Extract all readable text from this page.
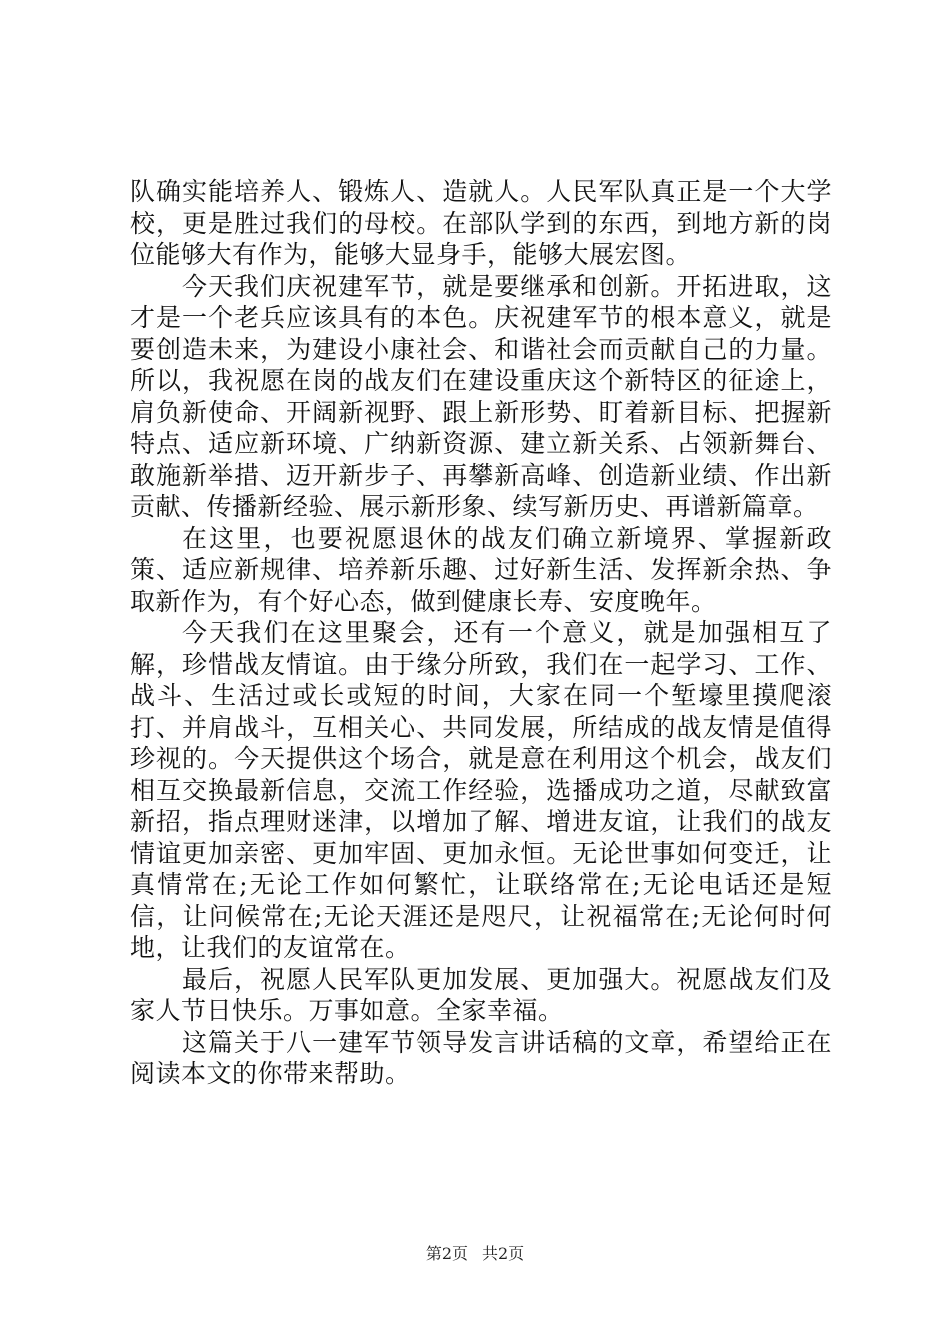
队确实能培养人、锻炼人、造就人。人民军队真正是一个大学校，更是胜过我们的母校。在部队学到的东西，到地方新的岗位能够大有作为，能够大显身手，能够大展宏图。

今天我们庆祝建军节，就是要继承和创新。开拓进取，这才是一个老兵应该具有的本色。庆祝建军节的根本意义，就是要创造未来，为建设小康社会、和谐社会而贡献自己的力量。所以，我祝愿在岗的战友们在建设重庆这个新特区的征途上，肩负新使命、开阔新视野、跟上新形势、盯着新目标、把握新特点、适应新环境、广纳新资源、建立新关系、占领新舞台、敢施新举措、迈开新步子、再攀新高峰、创造新业绩、作出新贡献、传播新经验、展示新形象、续写新历史、再谱新篇章。

在这里，也要祝愿退休的战友们确立新境界、掌握新政策、适应新规律、培养新乐趣、过好新生活、发挥新余热、争取新作为，有个好心态，做到健康长寿、安度晚年。

今天我们在这里聚会，还有一个意义，就是加强相互了解，珍惜战友情谊。由于缘分所致，我们在一起学习、工作、战斗、生活过或长或短的时间，大家在同一个堑壕里摸爬滚打、并肩战斗，互相关心、共同发展，所结成的战友情是值得珍视的。今天提供这个场合，就是意在利用这个机会，战友们相互交换最新信息，交流工作经验，选播成功之道，尽献致富新招，指点理财迷津，以增加了解、增进友谊，让我们的战友情谊更加亲密、更加牢固、更加永恒。无论世事如何变迁，让真情常在;无论工作如何繁忙，让联络常在;无论电话还是短信，让问候常在;无论天涯还是咫尺，让祝福常在;无论何时何地，让我们的友谊常在。

最后，祝愿人民军队更加发展、更加强大。祝愿战友们及家人节日快乐。万事如意。全家幸福。

这篇关于八一建军节领导发言讲话稿的文章，希望给正在阅读本文的你带来帮助。

第2页 共2页
